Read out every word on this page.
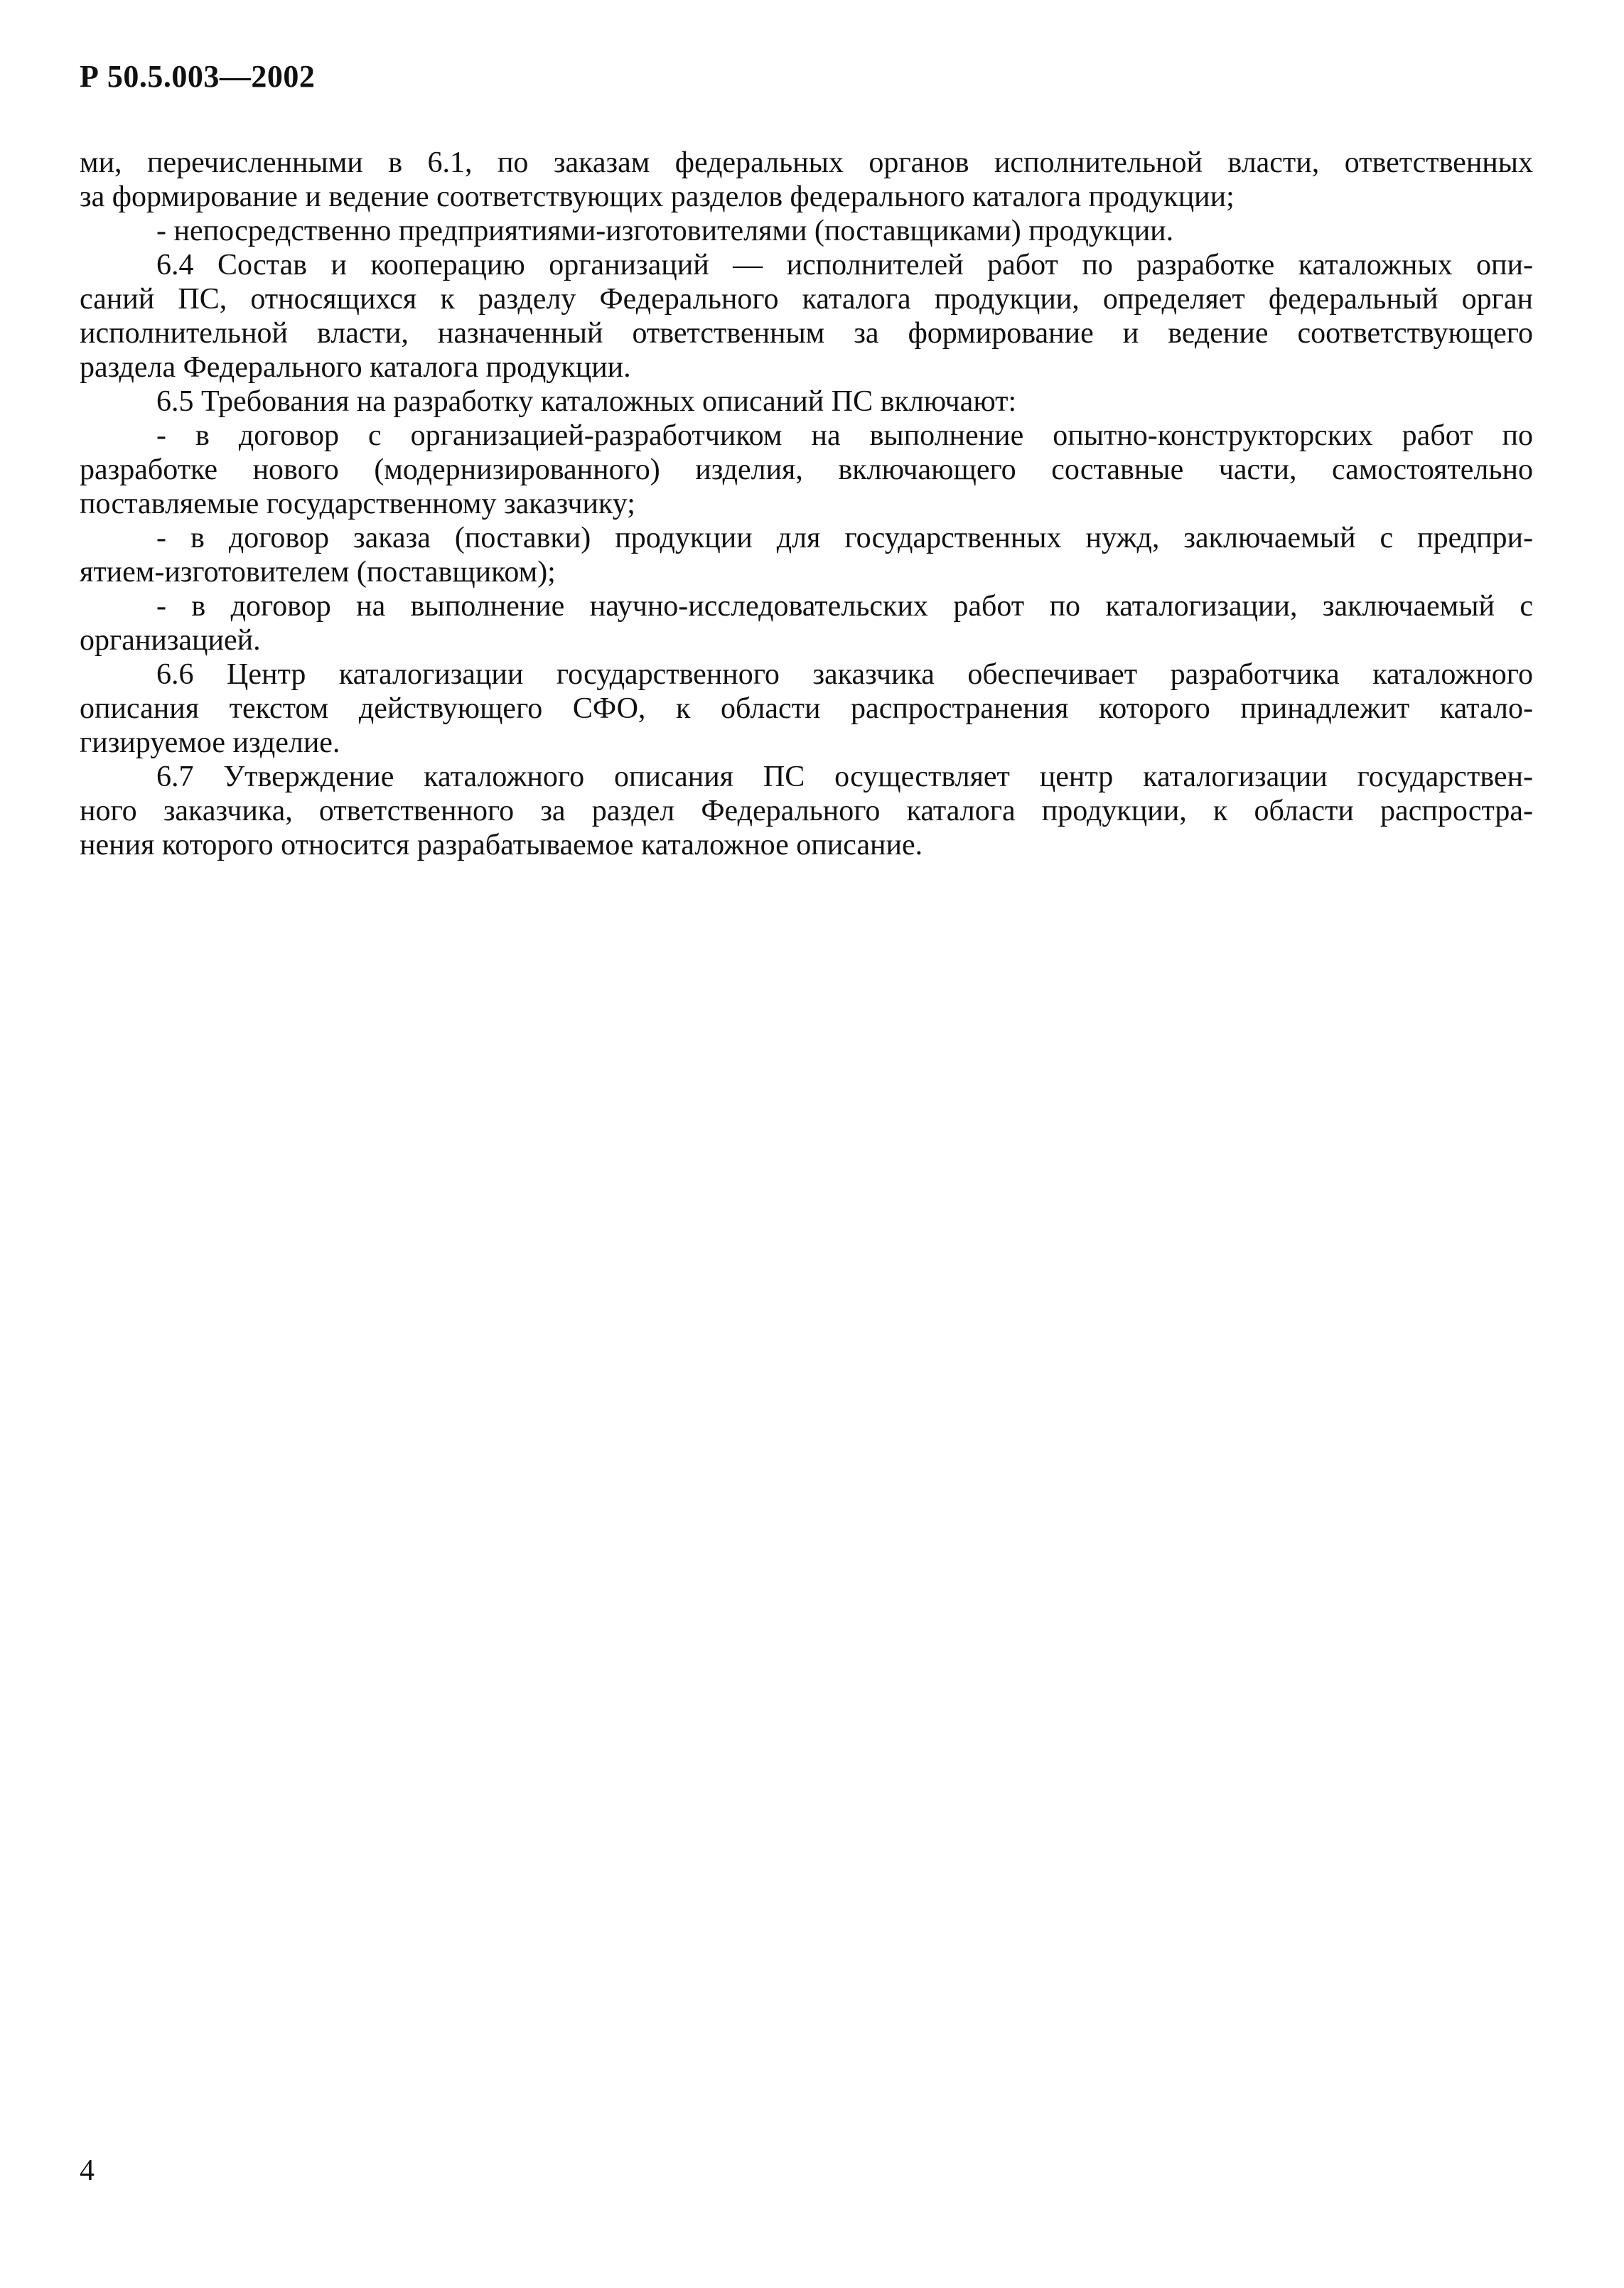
Р 50.5.003—2002
ми, перечисленными в 6.1, по заказам федеральных органов исполнительной власти, ответственных
за формирование и ведение соответствующих разделов федерального каталога продукции;
- непосредственно предприятиями-изготовителями (поставщиками) продукции.
6.4 Состав и кооперацию организаций — исполнителей работ по разработке каталожных опи-
саний ПС, относящихся к разделу Федерального каталога продукции, определяет федеральный орган
исполнительной власти, назначенный ответственным за формирование и ведение соответствующего
раздела Федерального каталога продукции.
6.5 Требования на разработку каталожных описаний ПС включают:
- в договор с организацией-разработчиком на выполнение опытно-конструкторских работ по
разработке нового (модернизированного) изделия, включающего составные части, самостоятельно
поставляемые государственному заказчику;
- в договор заказа (поставки) продукции для государственных нужд, заключаемый с предпри-
ятием-изготовителем (поставщиком);
- в договор на выполнение научно-исследовательских работ по каталогизации, заключаемый с
организацией.
6.6 Центр каталогизации государственного заказчика обеспечивает разработчика каталожного
описания текстом действующего СФО, к области распространения которого принадлежит катало-
гизируемое изделие.
6.7 Утверждение каталожного описания ПС осуществляет центр каталогизации государствен-
ного заказчика, ответственного за раздел Федерального каталога продукции, к области распростра-
нения которого относится разрабатываемое каталожное описание.
4
